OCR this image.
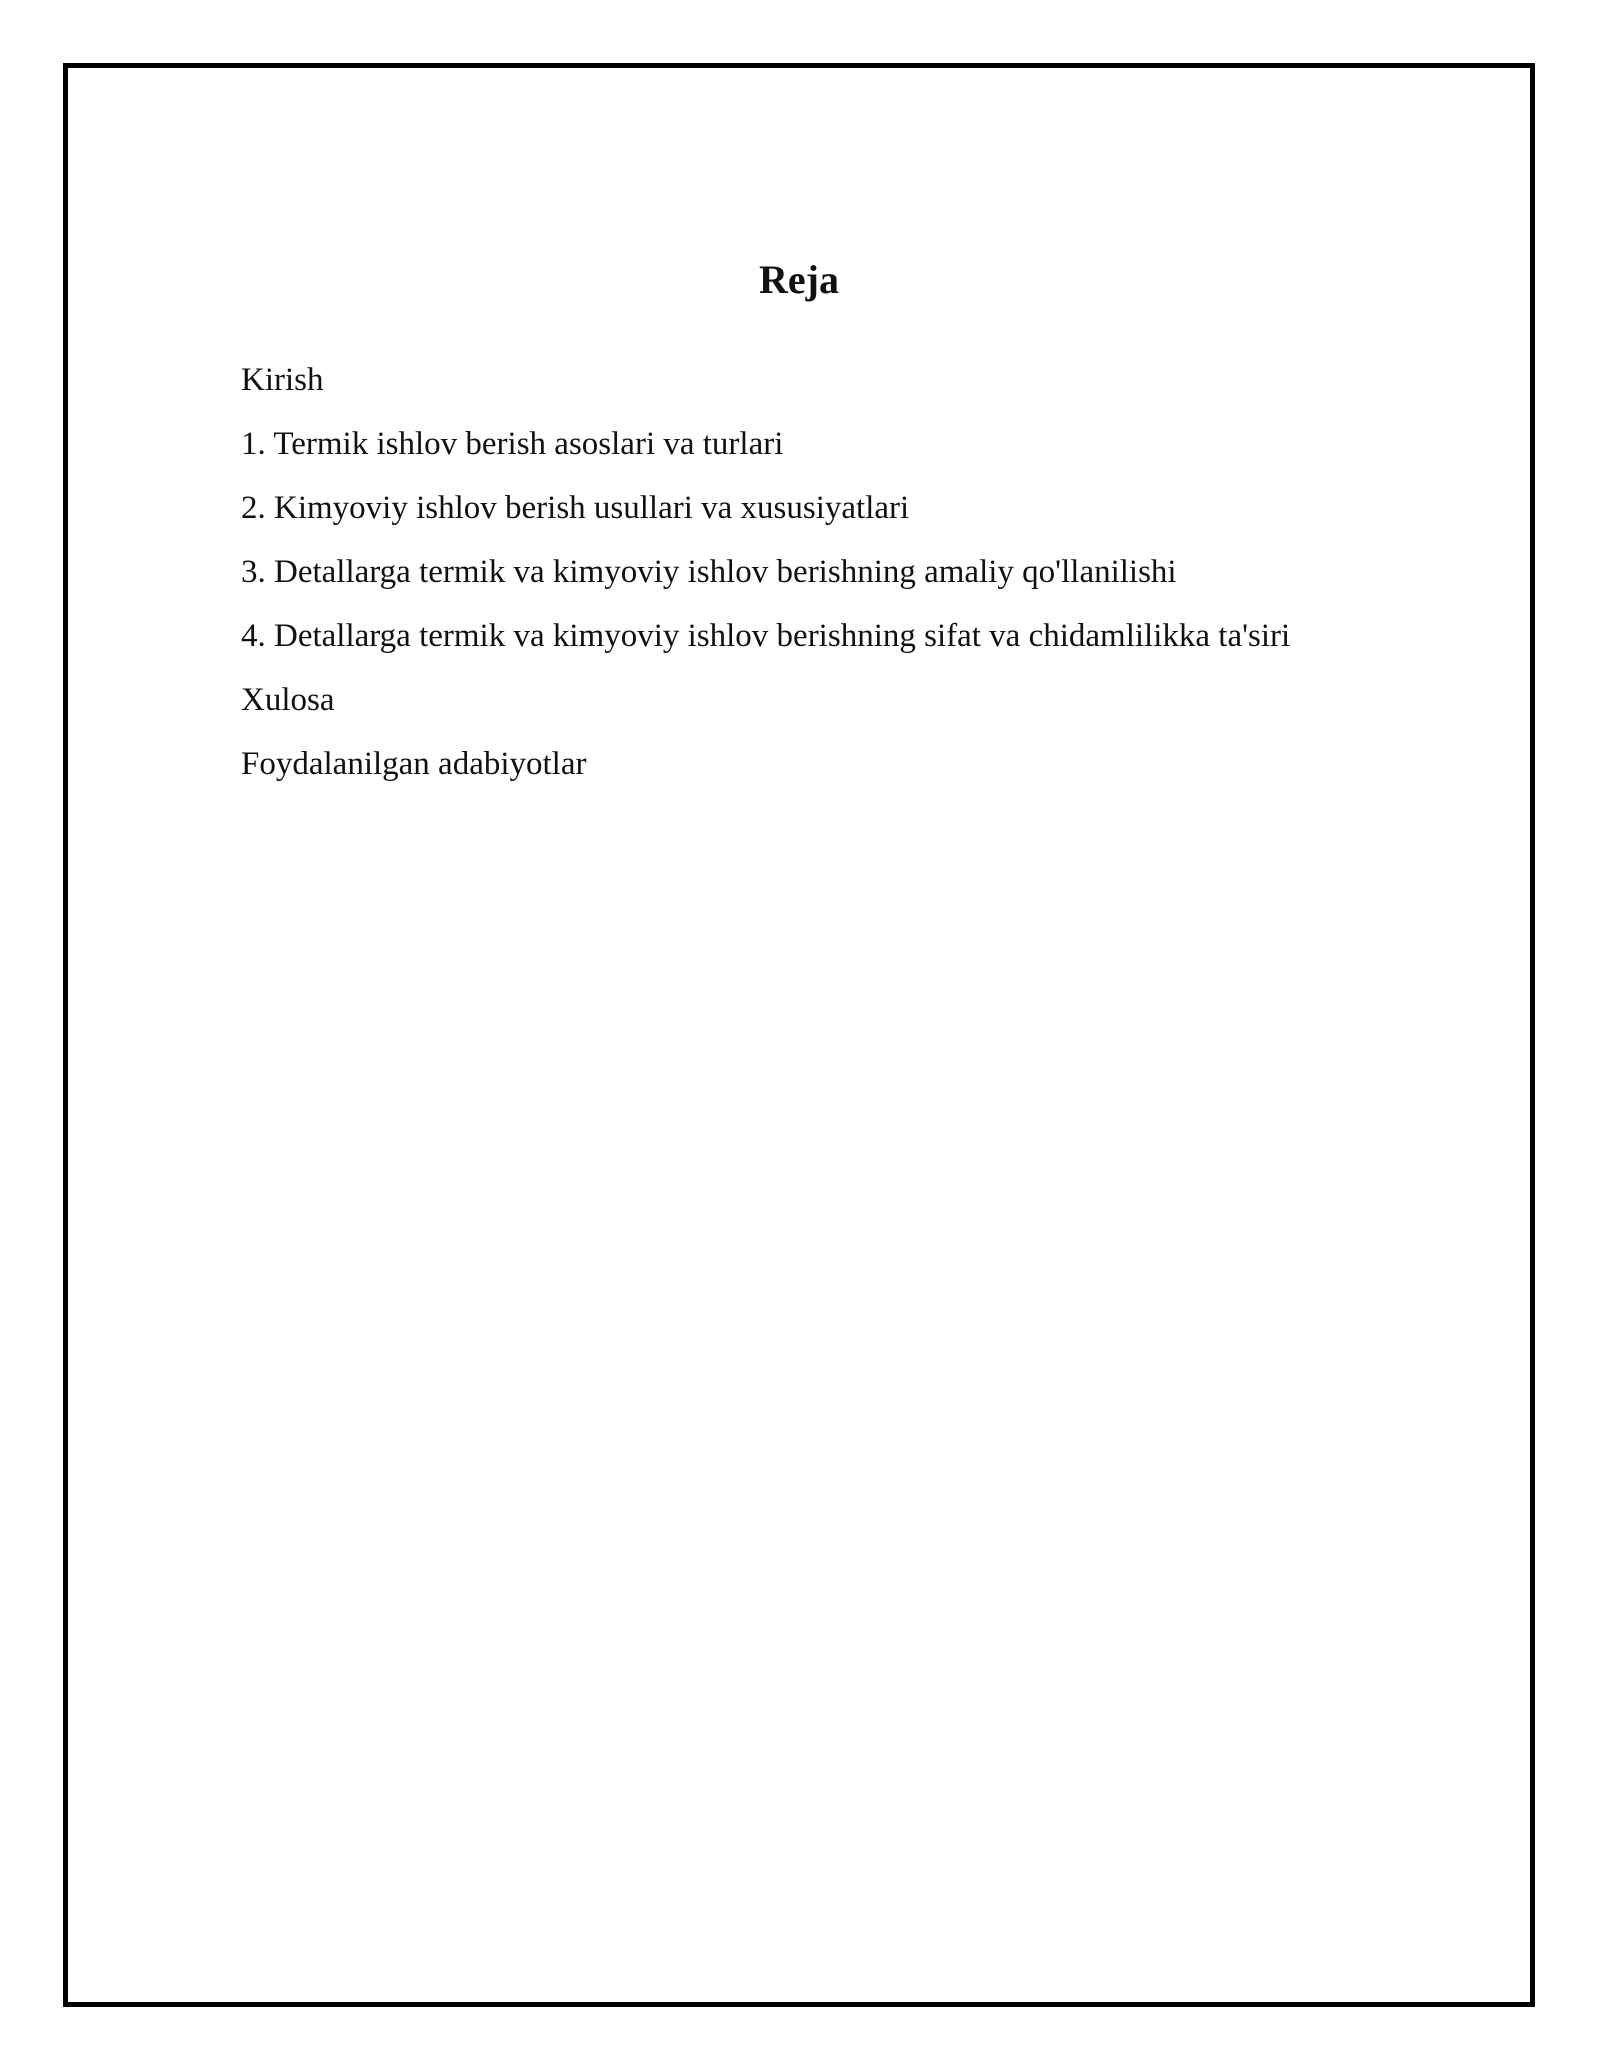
Reja
Kirish
1. Termik ishlov berish asoslari va turlari
2. Kimyoviy ishlov berish usullari va xususiyatlari
3. Detallarga termik va kimyoviy ishlov berishning amaliy qo'llanilishi
4. Detallarga termik va kimyoviy ishlov berishning sifat va chidamlilikka ta'siri
Xulosa
Foydalanilgan adabiyotlar
